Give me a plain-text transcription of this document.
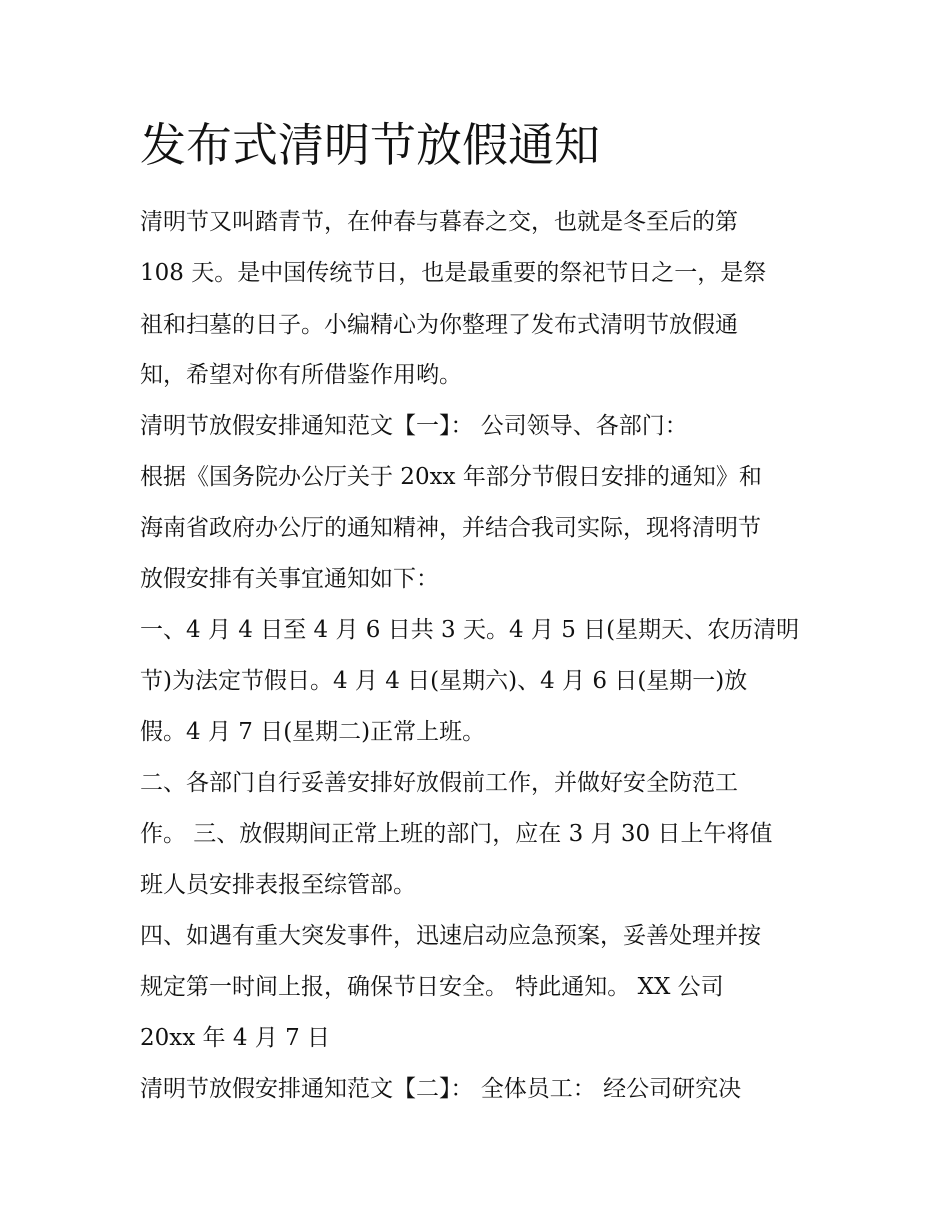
发布式清明节放假通知

清明节又叫踏青节，在仲春与暮春之交，也就是冬至后的第

108 天。是中国传统节日，也是最重要的祭祀节日之一，是祭

祖和扫墓的日子。小编精心为你整理了发布式清明节放假通

知，希望对你有所借鉴作用哟。

清明节放假安排通知范文【一】： 公司领导、各部门：

根据《国务院办公厅关于 20xx 年部分节假日安排的通知》和

海南省政府办公厅的通知精神，并结合我司实际，现将清明节

放假安排有关事宜通知如下：

一、4 月 4 日至 4 月 6 日共 3 天。4 月 5 日(星期天、农历清明

节)为法定节假日。4 月 4 日(星期六)、4 月 6 日(星期一)放

假。4 月 7 日(星期二)正常上班。

二、各部门自行妥善安排好放假前工作，并做好安全防范工

作。 三、放假期间正常上班的部门，应在 3 月 30 日上午将值

班人员安排表报至综管部。

四、如遇有重大突发事件，迅速启动应急预案，妥善处理并按

规定第一时间上报，确保节日安全。 特此通知。 XX 公司

20xx 年 4 月 7 日

清明节放假安排通知范文【二】： 全体员工： 经公司研究决
